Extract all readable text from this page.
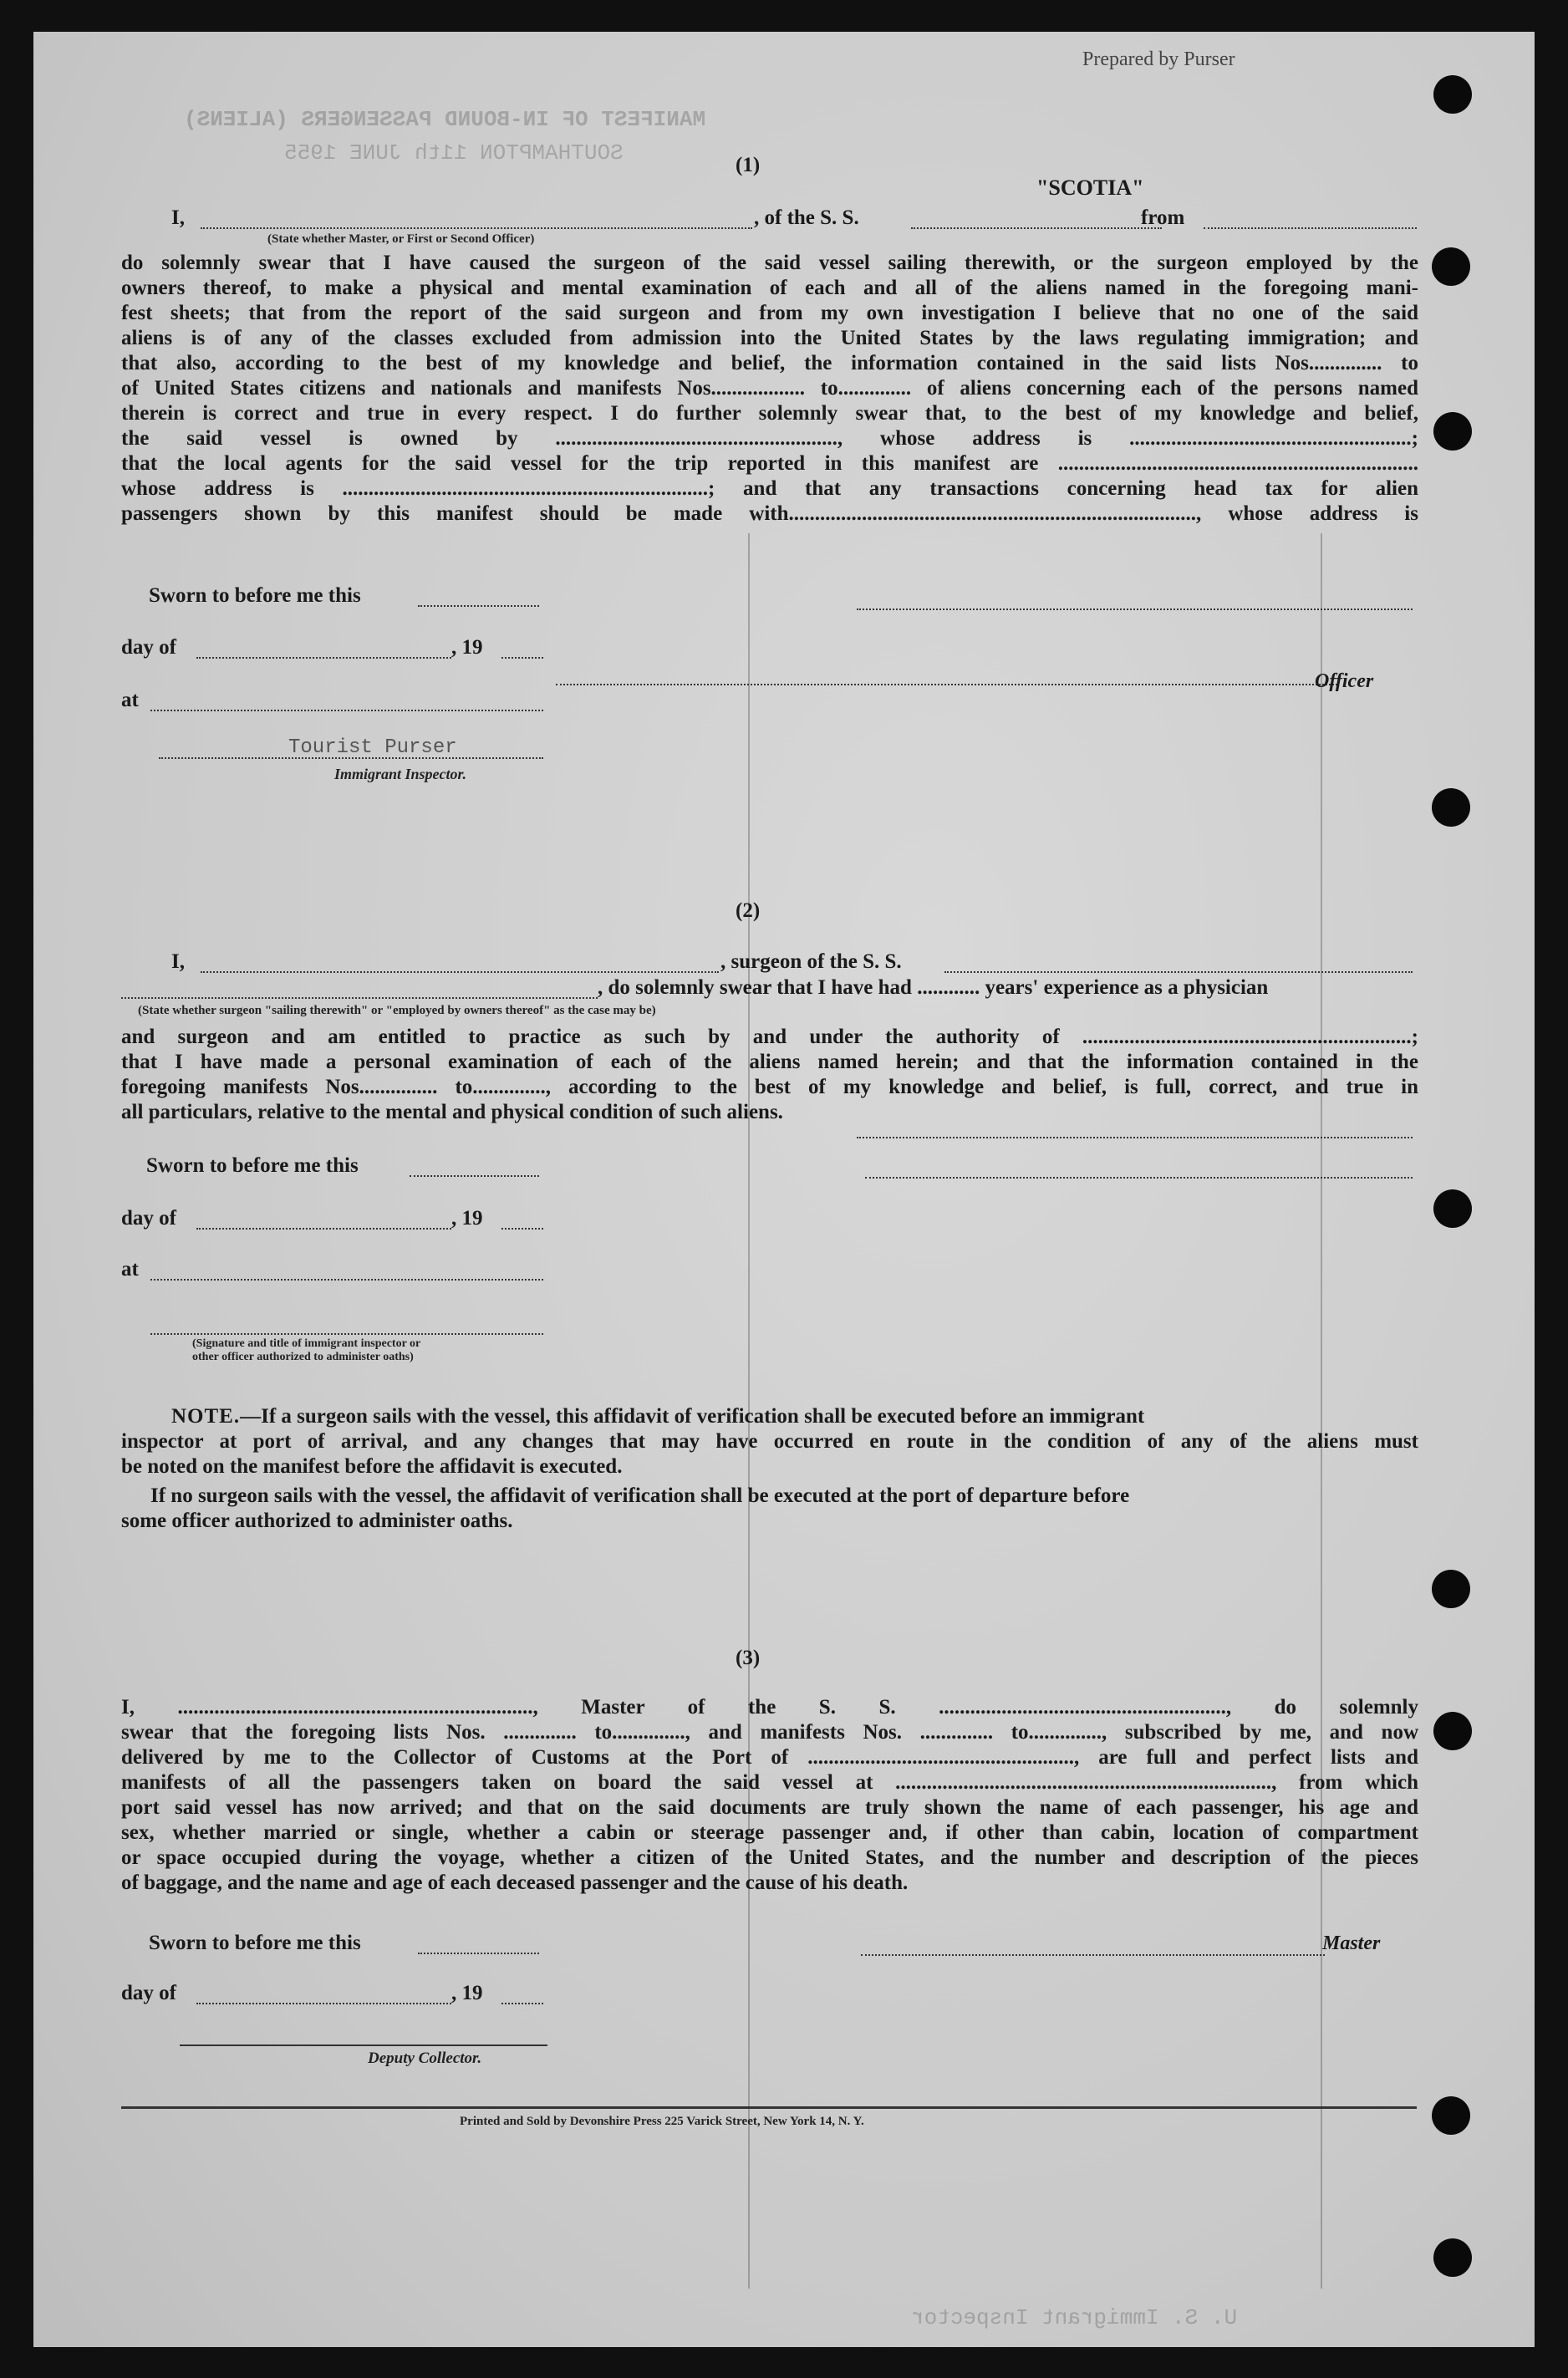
MANIFEST OF IN-BOUND PASSENGERS (ALIENS)
SOUTHAMPTON 11th JUNE 1955
U. S. Immigrant Inspector
Prepared by Purser
"SCOTIA"
(1)
I,	, of the S. S.	from
(State whether Master, or First or Second Officer)
do solemnly swear that I have caused the surgeon of the said vessel sailing therewith, or the surgeon employed by the
owners thereof, to make a physical and mental examination of each and all of the aliens named in the foregoing mani-
fest sheets; that from the report of the said surgeon and from my own investigation I believe that no one of the said
aliens is of any of the classes excluded from admission into the United States by the laws regulating immigration; and
that also, according to the best of my knowledge and belief, the information contained in the said lists Nos.............. to
of United States citizens and nationals and manifests Nos.................. to.............. of aliens concerning each of the persons named
therein is correct and true in every respect. I do further solemnly swear that, to the best of my knowledge and belief,
the said vessel is owned by ......................................................, whose address is ......................................................;
that the local agents for the said vessel for the trip reported in this manifest are .....................................................................
whose address is ......................................................................; and that any transactions concerning head tax for alien
passengers shown by this manifest should be made with.............................................................................., whose address is
Sworn to before me this
day of	, 19
Officer
at
Tourist Purser
Immigrant Inspector.
(2)
I,	, surgeon of the S. S.
, do solemnly swear that I have had ............ years' experience as a physician
(State whether surgeon "sailing therewith" or "employed by owners thereof" as the case may be)
and surgeon and am entitled to practice as such by and under the authority of ...............................................................;
that I have made a personal examination of each of the aliens named herein; and that the information contained in the
foregoing manifests Nos............... to.............., according to the best of my knowledge and belief, is full, correct, and true in
all particulars, relative to the mental and physical condition of such aliens.
Sworn to before me this
day of	, 19
at
(Signature and title of immigrant inspector or
other officer authorized to administer oaths)
NOTE.—If a surgeon sails with the vessel, this affidavit of verification shall be executed before an immigrant
inspector at port of arrival, and any changes that may have occurred en route in the condition of any of the aliens must
be noted on the manifest before the affidavit is executed.
If no surgeon sails with the vessel, the affidavit of verification shall be executed at the port of departure before
some officer authorized to administer oaths.
(3)
I, ...................................................................., Master of the S. S. ......................................................., do solemnly
swear that the foregoing lists Nos. .............. to.............., and manifests Nos. .............. to.............., subscribed by me, and now
delivered by me to the Collector of Customs at the Port of ..................................................., are full and perfect lists and
manifests of all the passengers taken on board the said vessel at ........................................................................, from which
port said vessel has now arrived; and that on the said documents are truly shown the name of each passenger, his age and
sex, whether married or single, whether a cabin or steerage passenger and, if other than cabin, location of compartment
or space occupied during the voyage, whether a citizen of the United States, and the number and description of the pieces
of baggage, and the name and age of each deceased passenger and the cause of his death.
Sworn to before me this	Master
day of	, 19
Deputy Collector.
Printed and Sold by Devonshire Press 225 Varick Street, New York 14, N. Y.
